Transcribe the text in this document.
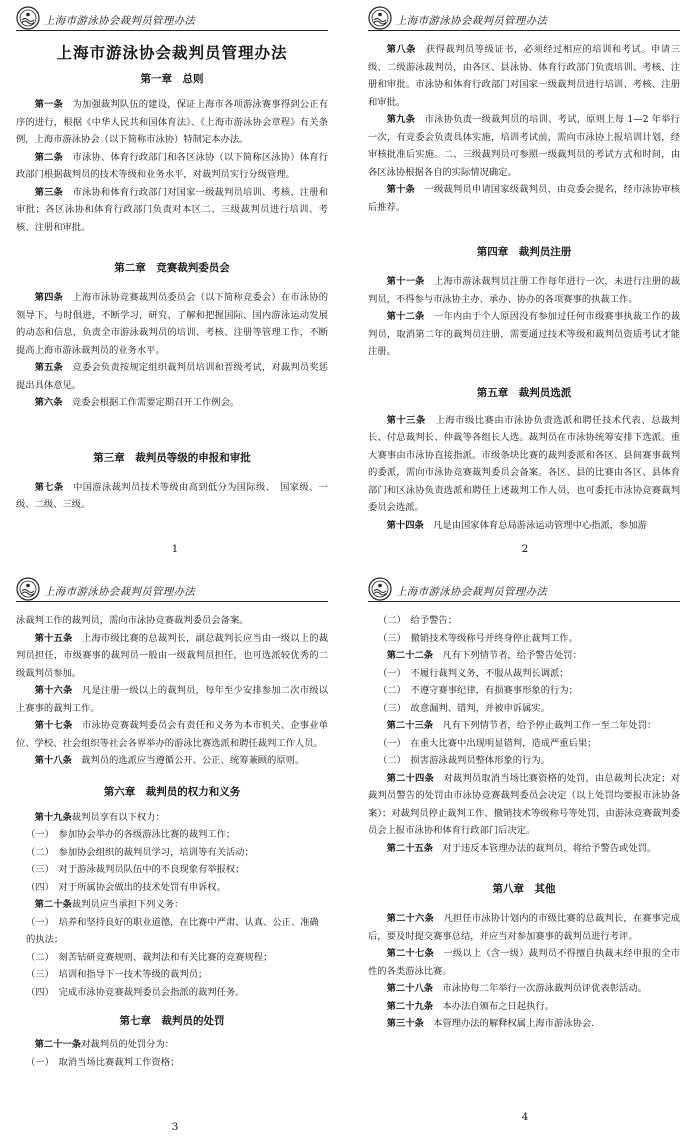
上海市游泳协会裁判员管理办法
上海市游泳协会裁判员管理办法

第一章　总则

第一条　 为加强裁判队伍的建设，保证上海市各项游泳赛事得到公正有序的进行，根据《中华人民共和国体育法》、《上海市游泳协会章程》有关条例，上海市游泳协会（以下简称市泳协）特制定本办法。

第二条　 市泳协、体育行政部门和各区泳协（以下简称区泳协）体育行政部门根据裁判员的技术等级和业务水平，对裁判员实行分级管理。

第三条　 市泳协和体育行政部门对国家一级裁判员培训、考核、注册和审批；各区泳协和体育行政部门负责对本区二、三级裁判员进行培训、考核、注册和审批。

第二章　竞赛裁判委员会

第四条　 上海市泳协竞赛裁判员委员会（以下简称竞委会）在市泳协的领导下，与时俱进，不断学习，研究、了解和把握国际、国内游泳运动发展的动态和信息，负责全市游泳裁判员的培训、考核、注册等管理工作，不断提高上海市游泳裁判员的业务水平。

第五条　 竞委会负责按规定组织裁判员培训和晋级考试，对裁判员奖惩提出具体意见。

第六条　 竞委会根据工作需要定期召开工作例会。

第三章　裁判员等级的申报和审批

第七条　 中国游泳裁判员技术等级由高到低分为国际级、　国家级、一级、二级、三级。

1
上海市游泳协会裁判员管理办法

第八条　 获得裁判员等级证书，必须经过相应的培训和考试。申请三级、二级游泳裁判员，由各区、县泳协、体育行政部门负责培训、考核、注册和审批。市泳协和体育行政部门对国家一级裁判员进行培训、考核、注册和审批。

第九条　 市泳协负责一级裁判员的培训、考试，原则上每 1—2 年举行一次，有竞委会负责具体实施，培训考试前，需向市泳协上报培训计划，经审核批准后实施。二、三级裁判员可参照一级裁判员的考试方式和时间，由各区泳协根据各自的实际情况确定。

第十条　 一级裁判员申请国家级裁判员，由竞委会提名，经市泳协审核后推荐。

第四章　裁判员注册

第十一条　 上海市游泳裁判员注册工作每年进行一次，未进行注册的裁判员，不得参与市泳协主办、承办、协办的各项赛事的执裁工作。

第十二条　 一年内由于个人原因没有参加过任何市级赛事执裁工作的裁判员，取消第二年的裁判员注册，需要通过技术等级和裁判员资质考试才能注册。

第五章　裁判员选派

第十三条　 上海市级比赛由市泳协负责选派和聘任技术代表、总裁判长、付总裁判长、仲裁等各组长人选。裁判员在市泳协统筹安排下选派。重大赛事由市泳协直接指派。市级条块比赛的裁判委派和各区、县间赛事裁判的委派，需向市泳协竞赛裁判委员会备案。各区、县的比赛由各区、县体育部门和区泳协负责选派和聘任上述裁判工作人员，也可委托市泳协竞赛裁判委员会选派。

第十四条　 凡是由国家体育总局游泳运动管理中心指派，参加游

2
上海市游泳协会裁判员管理办法

泳裁判工作的裁判员，需向市泳协竞赛裁判委员会备案。

第十五条　 上海市级比赛的总裁判长，副总裁判长应当由一级以上的裁判员担任，市级赛事的裁判员一般由一级裁判员担任，也可选派较优秀的二级裁判员参加。

第十六条　 凡是注册一级以上的裁判员，每年至少安排参加二次市级以上赛事的裁判工作。

第十七条　 市泳协竞赛裁判委员会有责任和义务为本市机关、企事业单位、学校、社会组织等社会各界举办的游泳比赛选派和聘任裁判工作人员。

第十八条　 裁判员的选派应当遵循公开、公正、统筹兼顾的原则。

第六章　裁判员的权力和义务

第十九条裁判员享有以下权力：

（一）　参加协会举办的各级游泳比赛的裁判工作；

（二）　参加协会组织的裁判员学习，培训等有关活动；

（三）　对于游泳裁判员队伍中的不良现象有举报权；

（四）　对于所属协会做出的技术处罚有申诉权。

第二十条裁判员应当承担下列义务：

（一）　培养和坚持良好的职业道德，在比赛中严肃、认真、公正、准确的执法；

（二）　刻苦钻研竞赛规则、裁判法和有关比赛的竞赛规程；

（三）　培训和指导下一技术等级的裁判员；

（四）　完成市泳协竞赛裁判委员会指派的裁判任务。

第七章　裁判员的处罚

第二十一条对裁判员的处罚分为：

（一）　取消当场比赛裁判工作资格；

3
上海市游泳协会裁判员管理办法

（二）　给予警告；

（三）　撤销技术等级称号并终身停止裁判工作。

第二十二条　 凡有下列情节者，给予警告处罚：

（一）　不履行裁判义务，不服从裁判长调派；

（二）　不遵守赛事纪律，有损赛事形象的行为；

（三）　故意漏判、错判，并被申诉属实。

第二十三条　 凡有下列情节者，给予停止裁判工作一至二年处罚：

（一）　在重大比赛中出现明显错判，造成严重后果；

（二）　损害游泳裁判员整体形象的行为。

第二十四条　 对裁判员取消当场比赛资格的处罚，由总裁判长决定；对裁判员警告的处罚由市泳协竞赛裁判委员会决定（以上处罚均要报市泳协备案）；对裁判员停止裁判工作、撤销技术等级称号等处罚，由游泳竞赛裁判委员会上报市泳协和体育行政部门后决定。

第二十五条　 对于违反本管理办法的裁判员，将给予警告或处罚。

第八章　其他

第二十六条　 凡担任市泳协计划内的市级比赛的总裁判长，在赛事完成后，要及时提交赛事总结，并应当对参加赛事的裁判员进行考评。

第二十七条　 一级以上（含一级）裁判员不得擅自执裁未经申报的全市性的各类游泳比赛。

第二十八条　 市泳协每二年举行一次游泳裁判员评优表彰活动。

第二十九条　 本办法自颁布之日起执行。

第三十条　 本管理办法的解释权属上海市游泳协会.

4
